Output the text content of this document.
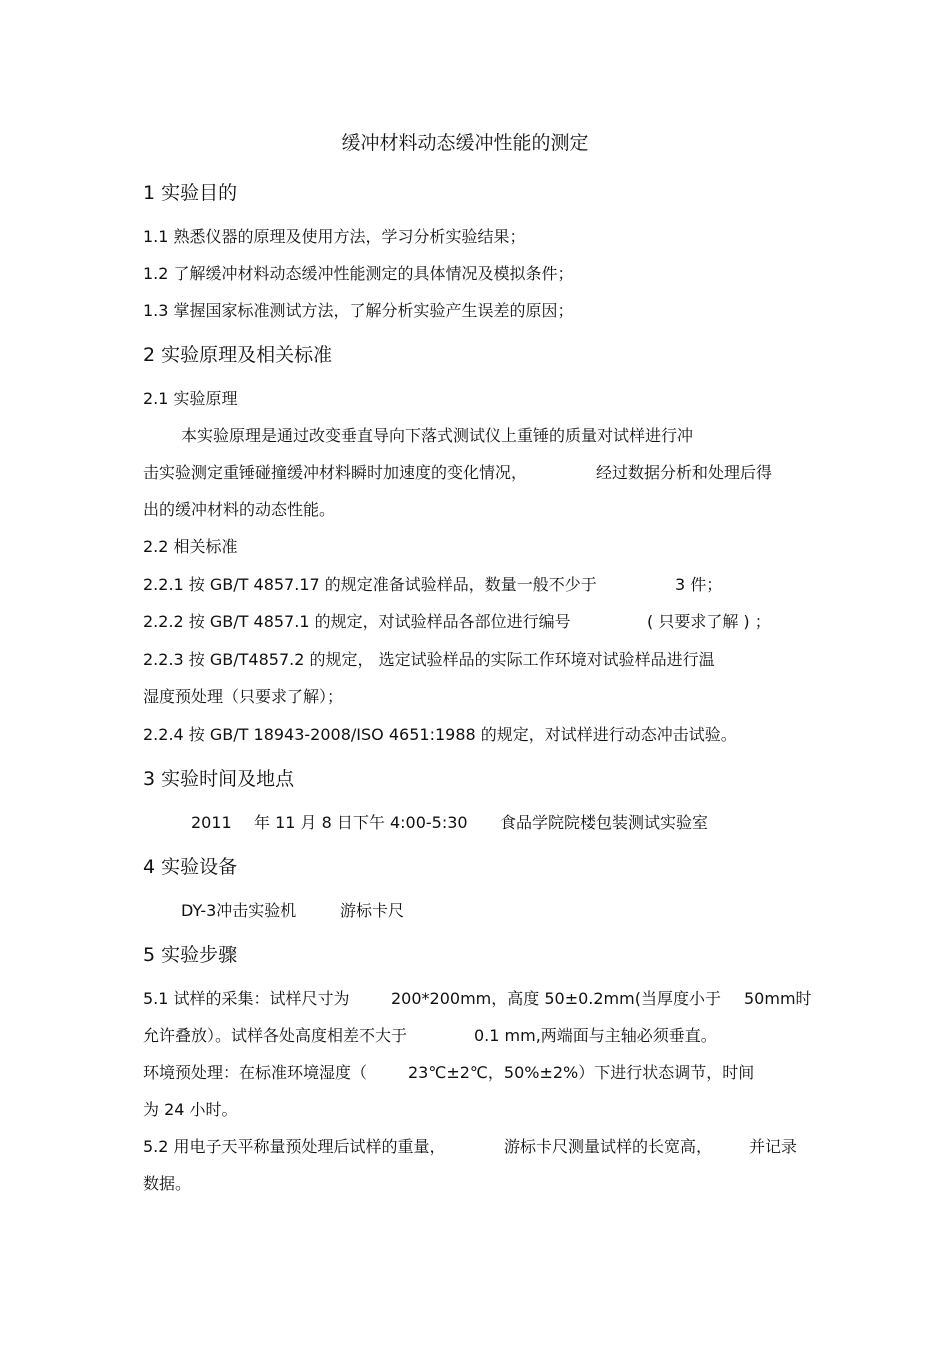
缓冲材料动态缓冲性能的测定
1 实验目的
1.1 熟悉仪器的原理及使用方法，学习分析实验结果；
1.2 了解缓冲材料动态缓冲性能测定的具体情况及模拟条件；
1.3 掌握国家标准测试方法，了解分析实验产生误差的原因；
2 实验原理及相关标准
2.1 实验原理
本实验原理是通过改变垂直导向下落式测试仪上重锤的质量对试样进行冲
击实验测定重锤碰撞缓冲材料瞬时加速度的变化情况，	经过数据分析和处理后得
出的缓冲材料的动态性能。
2.2 相关标准
2.2.1 按 GB/T 4857.17 的规定准备试验样品，数量一般不少于	3 件；
2.2.2 按 GB/T 4857.1 的规定，对试验样品各部位进行编号	( 只要求了解 ) ；
2.2.3 按 GB/T4857.2 的规定， 选定试验样品的实际工作环境对试验样品进行温
湿度预处理（只要求了解）；
2.2.4 按 GB/T 18943-2008/ISO 4651:1988 的规定，对试样进行动态冲击试验。
3 实验时间及地点
2011 年 11 月 8 日下午 4:00-5:30 食品学院院楼包装测试实验室
4 实验设备
DY-3冲击实验机	游标卡尺
5 实验步骤
5.1 试样的采集：试样尺寸为	200*200mm，高度 50±0.2mm(当厚度小于 50mm时
允许叠放）。试样各处高度相差不大于	0.1 mm,两端面与主轴必须垂直。
环境预处理：在标准环境湿度（	23℃±2℃，50%±2%）下进行状态调节，时间
为 24 小时。
5.2 用电子天平称量预处理后试样的重量，	游标卡尺测量试样的长宽高， 并记录
数据。
